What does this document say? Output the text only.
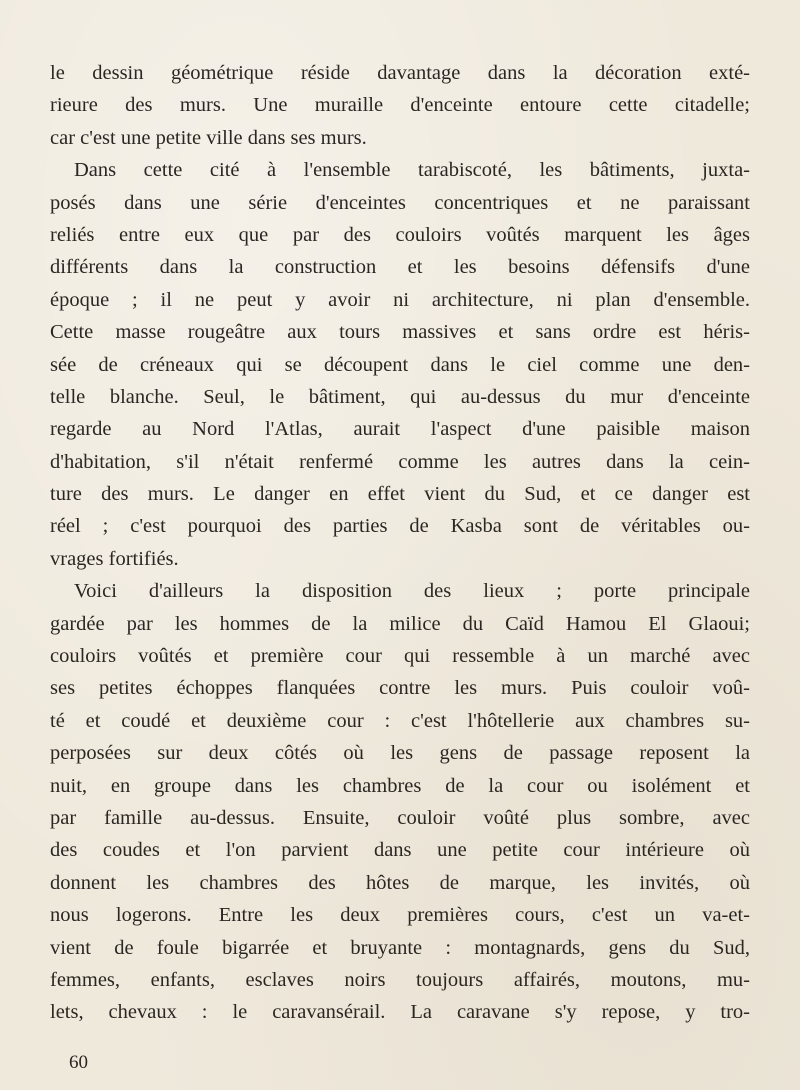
le dessin géométrique réside davantage dans la décoration exté-
rieure des murs. Une muraille d'enceinte entoure cette citadelle;
car c'est une petite ville dans ses murs.
Dans cette cité à l'ensemble tarabiscoté, les bâtiments, juxta-
posés dans une série d'enceintes concentriques et ne paraissant
reliés entre eux que par des couloirs voûtés marquent les âges
différents dans la construction et les besoins défensifs d'une
époque ; il ne peut y avoir ni architecture, ni plan d'ensemble.
Cette masse rougeâtre aux tours massives et sans ordre est héris-
sée de créneaux qui se découpent dans le ciel comme une den-
telle blanche. Seul, le bâtiment, qui au-dessus du mur d'enceinte
regarde au Nord l'Atlas, aurait l'aspect d'une paisible maison
d'habitation, s'il n'était renfermé comme les autres dans la cein-
ture des murs. Le danger en effet vient du Sud, et ce danger est
réel ; c'est pourquoi des parties de Kasba sont de véritables ou-
vrages fortifiés.
Voici d'ailleurs la disposition des lieux ; porte principale
gardée par les hommes de la milice du Caïd Hamou El Glaoui;
couloirs voûtés et première cour qui ressemble à un marché avec
ses petites échoppes flanquées contre les murs. Puis couloir voû-
té et coudé et deuxième cour : c'est l'hôtellerie aux chambres su-
perposées sur deux côtés où les gens de passage reposent la
nuit, en groupe dans les chambres de la cour ou isolément et
par famille au-dessus. Ensuite, couloir voûté plus sombre, avec
des coudes et l'on parvient dans une petite cour intérieure où
donnent les chambres des hôtes de marque, les invités, où
nous logerons. Entre les deux premières cours, c'est un va-et-
vient de foule bigarrée et bruyante : montagnards, gens du Sud,
femmes, enfants, esclaves noirs toujours affairés, moutons, mu-
lets, chevaux : le caravansérail. La caravane s'y repose, y tro-
60
